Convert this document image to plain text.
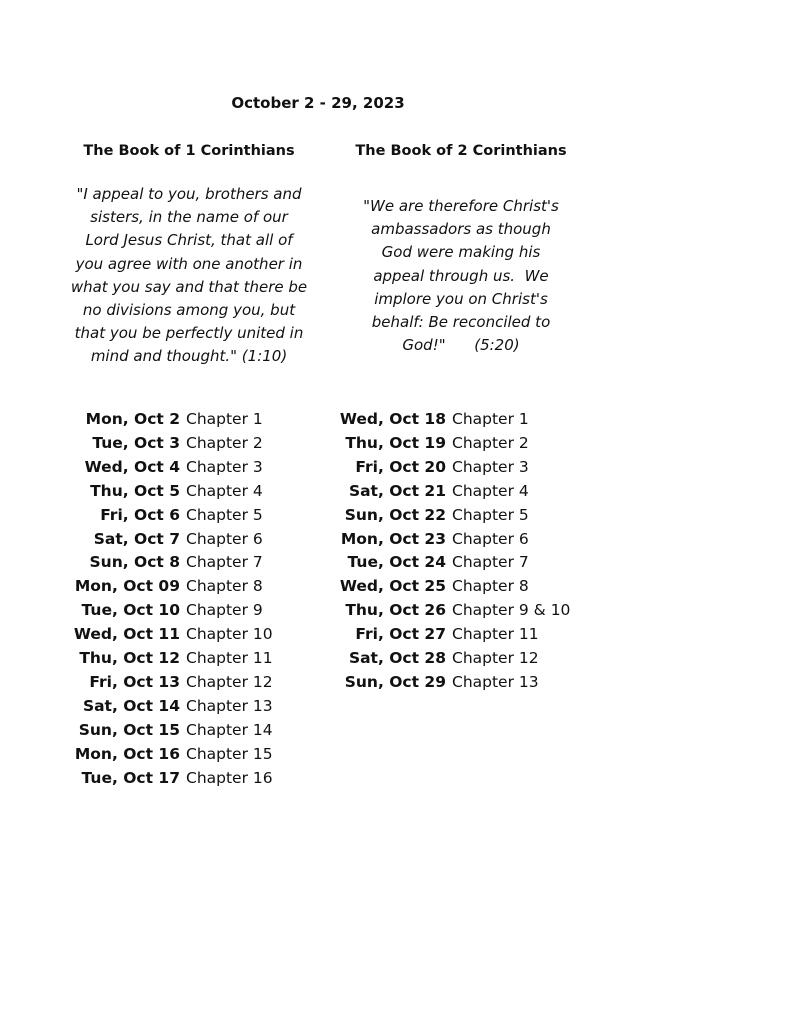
October 2 - 29, 2023
The Book of 1 Corinthians	The Book of 2 Corinthians
"I appeal to you, brothers and
sisters, in the name of our
Lord Jesus Christ, that all of
you agree with one another in
what you say and that there be
no divisions among you, but
that you be perfectly united in
mind and thought." (1:10)
"We are therefore Christ's
ambassadors as though
God were making his
appeal through us.  We
implore you on Christ's
behalf: Be reconciled to
God!"      (5:20)
Mon, Oct 2 Chapter 1
Tue, Oct 3 Chapter 2
Wed, Oct 4 Chapter 3
Thu, Oct 5 Chapter 4
Fri, Oct 6 Chapter 5
Sat, Oct 7 Chapter 6
Sun, Oct 8 Chapter 7
Mon, Oct 09 Chapter 8
Tue, Oct 10 Chapter 9
Wed, Oct 11 Chapter 10
Thu, Oct 12 Chapter 11
Fri, Oct 13 Chapter 12
Sat, Oct 14 Chapter 13
Sun, Oct 15 Chapter 14
Mon, Oct 16 Chapter 15
Tue, Oct 17 Chapter 16
Wed, Oct 18 Chapter 1
Thu, Oct 19 Chapter 2
Fri, Oct 20 Chapter 3
Sat, Oct 21 Chapter 4
Sun, Oct 22 Chapter 5
Mon, Oct 23 Chapter 6
Tue, Oct 24 Chapter 7
Wed, Oct 25 Chapter 8
Thu, Oct 26 Chapter 9 & 10
Fri, Oct 27 Chapter 11
Sat, Oct 28 Chapter 12
Sun, Oct 29 Chapter 13
